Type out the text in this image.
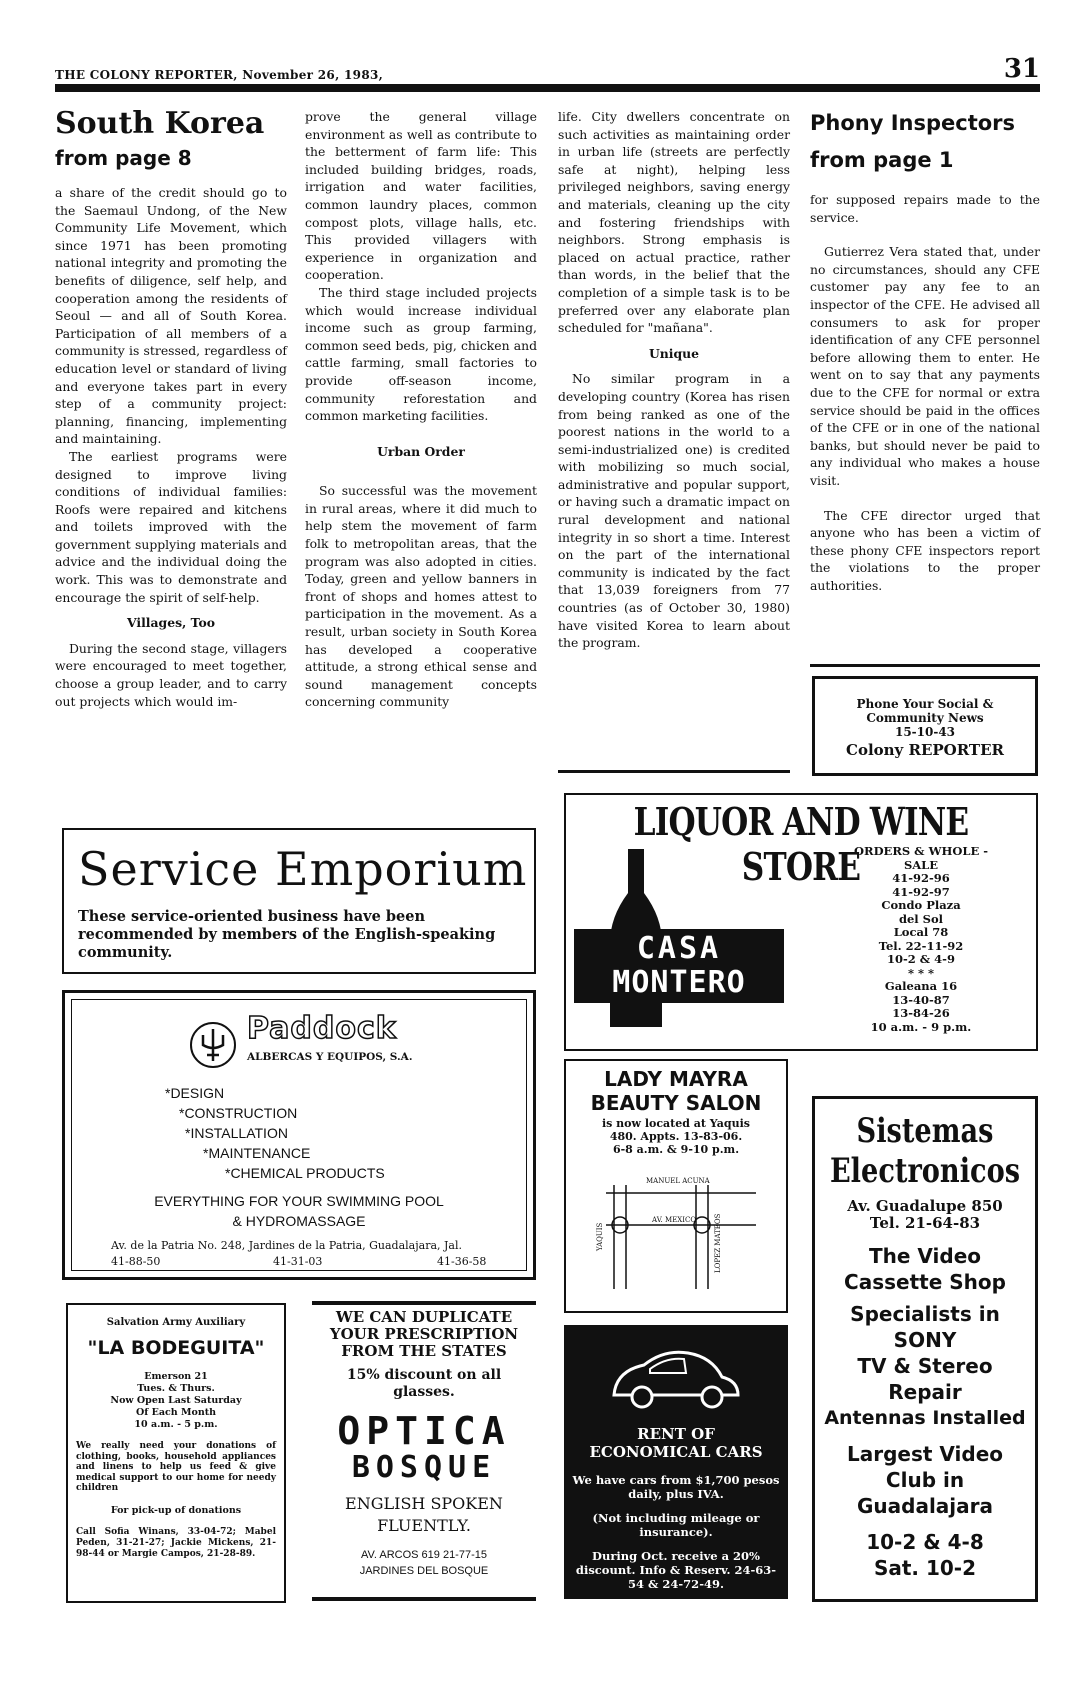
THE COLONY REPORTER, November 26, 1983,	31
South Korea
from page 8

a share of the credit should go to the Saemaul Undong, of the New Community Life Movement, which since 1971 has been promoting national integrity and promoting the benefits of diligence, self help, and cooperation among the residents of Seoul — and all of South Korea. Participation of all members of a community is stressed, regardless of education level or standard of living and everyone takes part in every step of a community project: planning, financing, implementing and maintaining.

The earliest programs were designed to improve living conditions of individual families: Roofs were repaired and kitchens and toilets improved with the government supplying materials and advice and the individual doing the work. This was to demonstrate and encourage the spirit of self-help.

Villages, Too

During the second stage, villagers were encouraged to meet together, choose a group leader, and to carry out projects which would im-

prove the general village environment as well as contribute to the betterment of farm life: This included building bridges, roads, irrigation and water facilities, common laundry places, common compost plots, village halls, etc. This provided villagers with experience in organization and cooperation.

The third stage included projects which would increase individual income such as group farming, common seed beds, pig, chicken and cattle farming, small factories to provide off-season income, community reforestation and common marketing facilities.

Urban Order

So successful was the movement in rural areas, where it did much to help stem the movement of farm folk to metropolitan areas, that the program was also adopted in cities. Today, green and yellow banners in front of shops and homes attest to participation in the movement. As a result, urban society in South Korea has developed a cooperative attitude, a strong ethical sense and sound management concepts concerning community

life. City dwellers concentrate on such activities as maintaining order in urban life (streets are perfectly safe at night), helping less privileged neighbors, saving energy and materials, cleaning up the city and fostering friendships with neighbors. Strong emphasis is placed on actual practice, rather than words, in the belief that the completion of a simple task is to be preferred over any elaborate plan scheduled for "mañana".

Unique

No similar program in a developing country (Korea has risen from being ranked as one of the poorest nations in the world to a semi-industrialized one) is credited with mobilizing so much social, administrative and popular support, or having such a dramatic impact on rural development and national integrity in so short a time. Interest on the part of the international community is indicated by the fact that 13,039 foreigners from 77 countries (as of October 30, 1980) have visited Korea to learn about the program.

Phony Inspectors
from page 1

for supposed repairs made to the service.

Gutierrez Vera stated that, under no circumstances, should any CFE customer pay any fee to an inspector of the CFE. He advised all consumers to ask for proper identification of any CFE personnel before allowing them to enter. He went on to say that any payments due to the CFE for normal or extra service should be paid in the offices of the CFE or in one of the national banks, but should never be paid to any individual who makes a house visit.

The CFE director urged that anyone who has been a victim of these phony CFE inspectors report the violations to the proper authorities.

Phone Your Social &
Community News
15-10-43
Colony REPORTER
Service Emporium
These service-oriented business have been recommended by members of the English-speaking community.
LIQUOR AND WINE STORE
CASA
MONTERO
ORDERS & WHOLE -
SALE
41-92-96
41-92-97
Condo Plaza
del Sol
Local 78
Tel. 22-11-92
10-2 & 4-9
* * *
Galeana 16
13-40-87
13-84-26
10 a.m. - 9 p.m.
Paddock
ALBERCAS Y EQUIPOS, S.A.
*DESIGN
*CONSTRUCTION
*INSTALLATION
*MAINTENANCE
*CHEMICAL PRODUCTS
EVERYTHING FOR YOUR SWIMMING POOL
& HYDROMASSAGE
Av. de la Patria No. 248, Jardines de la Patria, Guadalajara, Jal.
41-88-50	41-31-03	41-36-58
LADY MAYRA
BEAUTY SALON
is now located at Yaquis
480. Appts. 13-83-06.
6-8 a.m. & 9-10 p.m.
MANUEL ACUNA
AV. MEXICO
YAQUIS	LOPEZ MATEOS
Sistemas
Electronicos
Av. Guadalupe 850
Tel. 21-64-83
The Video
Cassette Shop
Specialists in
SONY
TV & Stereo
Repair
Antennas Installed
Largest Video
Club in
Guadalajara
10-2 & 4-8
Sat. 10-2
Salvation Army Auxiliary
"LA BODEGUITA"
Emerson 21
Tues. & Thurs.
Now Open Last Saturday
Of Each Month
10 a.m. - 5 p.m.
We really need your donations of clothing, books, household appliances and linens to help us feed & give medical support to our home for needy children
For pick-up of donations
Call Sofia Winans, 33-04-72; Mabel Peden, 31-21-27; Jackie Mickens, 21-98-44 or Margie Campos, 21-28-89.
WE CAN DUPLICATE
YOUR PRESCRIPTION
FROM THE STATES
15% discount on all glasses.
OPTICA
BOSQUE
ENGLISH SPOKEN
FLUENTLY.
AV. ARCOS 619 21-77-15
JARDINES DEL BOSQUE
RENT OF
ECONOMICAL CARS
We have cars from $1,700 pesos daily, plus IVA.
(Not including mileage or insurance).
During Oct. receive a 20% discount. Info & Reserv. 24-63-54 & 24-72-49.
